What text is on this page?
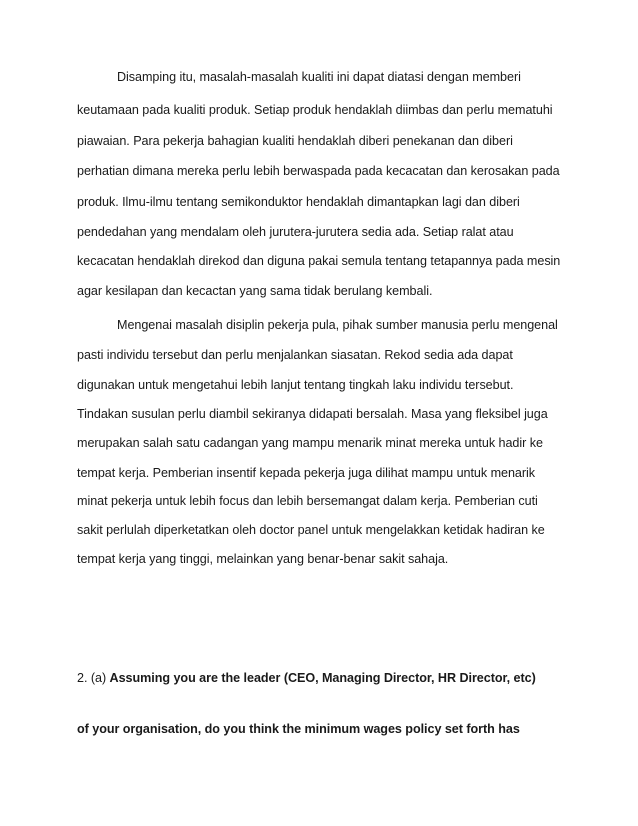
Disamping itu, masalah-masalah kualiti ini dapat diatasi dengan memberi
keutamaan pada kualiti produk. Setiap produk hendaklah diimbas dan perlu mematuhi
piawaian. Para pekerja bahagian kualiti hendaklah diberi penekanan dan diberi
perhatian dimana mereka perlu lebih berwaspada pada kecacatan dan kerosakan pada
produk. Ilmu-ilmu tentang semikonduktor hendaklah dimantapkan lagi dan diberi
pendedahan yang mendalam oleh jurutera-jurutera sedia ada. Setiap ralat atau
kecacatan hendaklah direkod dan diguna pakai semula tentang tetapannya pada mesin
agar kesilapan dan kecactan yang sama tidak berulang kembali.
Mengenai masalah disiplin pekerja pula, pihak sumber manusia perlu mengenal
pasti individu tersebut dan perlu menjalankan siasatan. Rekod sedia ada dapat
digunakan untuk mengetahui lebih lanjut tentang tingkah laku individu tersebut.
Tindakan susulan perlu diambil sekiranya didapati bersalah. Masa yang fleksibel juga
merupakan salah satu cadangan yang mampu menarik minat mereka untuk hadir ke
tempat kerja. Pemberian insentif kepada pekerja juga dilihat mampu untuk menarik
minat pekerja untuk lebih focus dan lebih bersemangat dalam kerja. Pemberian cuti
sakit perlulah diperketatkan oleh doctor panel untuk mengelakkan ketidak hadiran ke
tempat kerja yang tinggi, melainkan yang benar-benar sakit sahaja.
2. (a) Assuming you are the leader (CEO, Managing Director, HR Director, etc)
of your organisation, do you think the minimum wages policy set forth has
